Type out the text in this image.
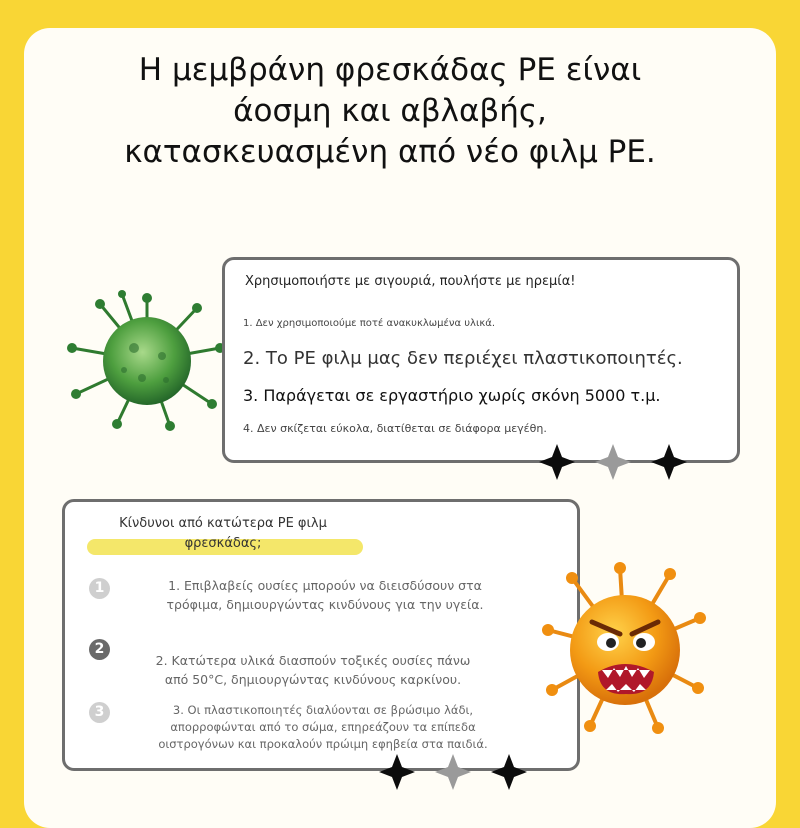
Η μεμβράνη φρεσκάδας PE είναι
άοσμη και αβλαβής,
κατασκευασμένη από νέο φιλμ PE.
Χρησιμοποιήστε με σιγουριά, πουλήστε με ηρεμία!
1. Δεν χρησιμοποιούμε ποτέ ανακυκλωμένα υλικά.
2. Το PE φιλμ μας δεν περιέχει πλαστικοποιητές.
3. Παράγεται σε εργαστήριο χωρίς σκόνη 5000 τ.μ.
4. Δεν σκίζεται εύκολα, διατίθεται σε διάφορα μεγέθη.
Κίνδυνοι από κατώτερα PE φιλμ
φρεσκάδας;
1	1. Επιβλαβείς ουσίες μπορούν να διεισδύσουν στα
τρόφιμα, δημιουργώντας κινδύνους για την υγεία.
2
2. Κατώτερα υλικά διασπούν τοξικές ουσίες πάνω
από 50°C, δημιουργώντας κινδύνους καρκίνου.
3	3. Οι πλαστικοποιητές διαλύονται σε βρώσιμο λάδι,
απορροφώνται από το σώμα, επηρεάζουν τα επίπεδα
οιστρογόνων και προκαλούν πρώιμη εφηβεία στα παιδιά.
